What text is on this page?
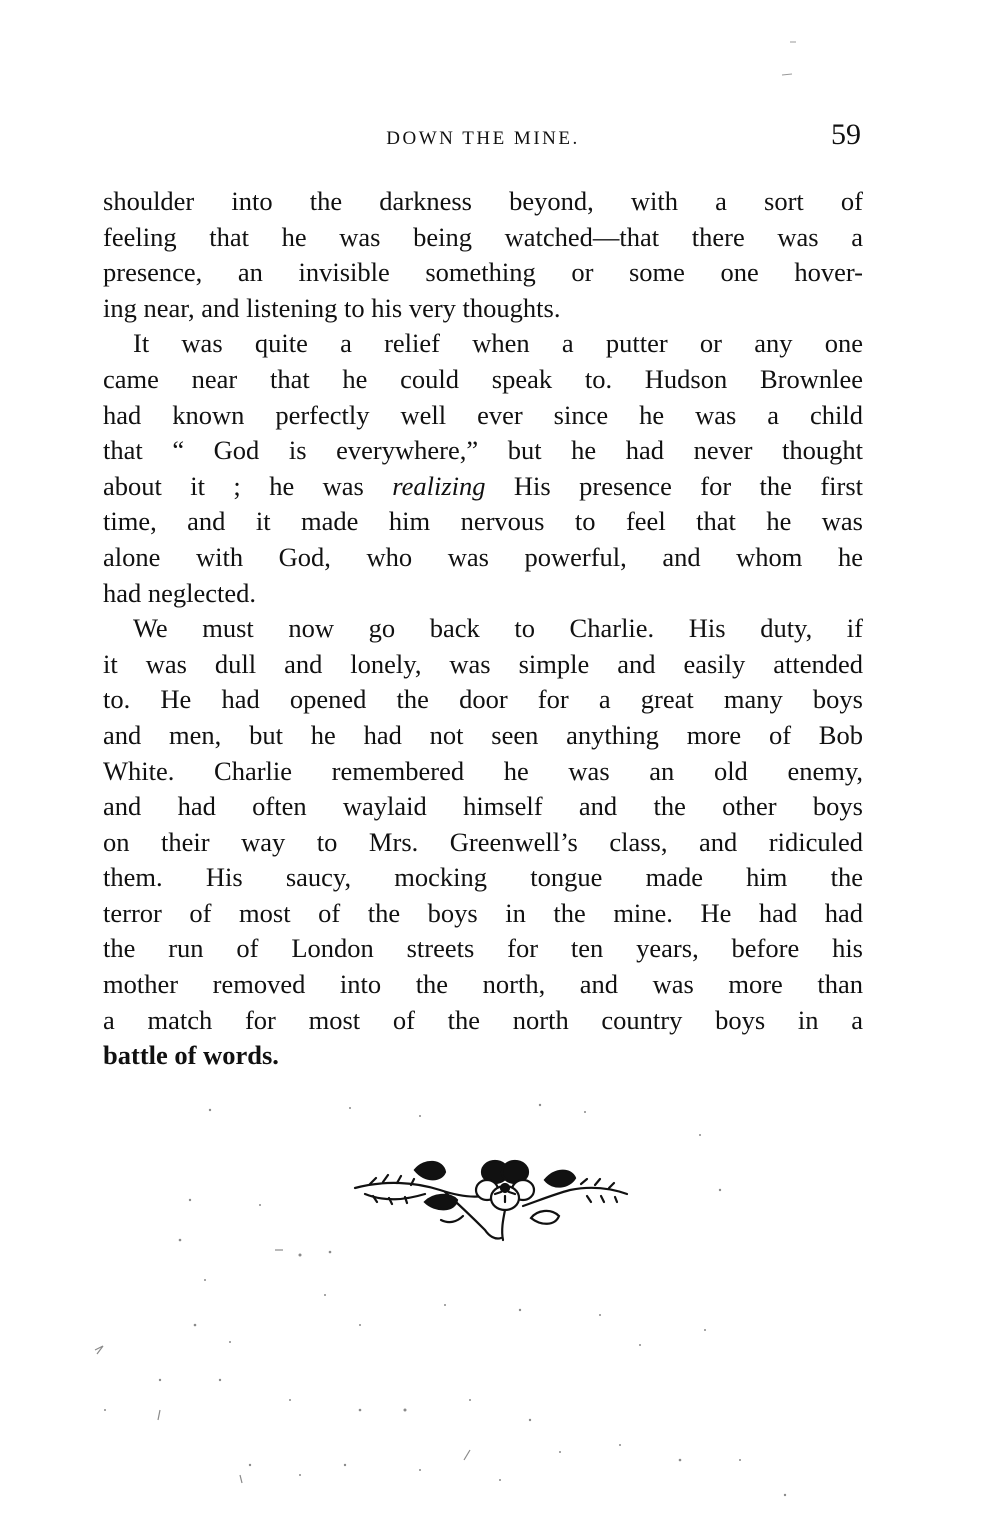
DOWN THE MINE.	59
shoulder into the darkness beyond, with a sort of
feeling that he was being watched—that there was a
presence, an invisible something or some one hover-
ing near, and listening to his very thoughts.
It was quite a relief when a putter or any one
came near that he could speak to. Hudson Brownlee
had known perfectly well ever since he was a child
that “ God is everywhere,” but he had never thought
about it ; he was realizing His presence for the first
time, and it made him nervous to feel that he was
alone with God, who was powerful, and whom he
had neglected.
We must now go back to Charlie. His duty, if
it was dull and lonely, was simple and easily attended
to. He had opened the door for a great many boys
and men, but he had not seen anything more of Bob
White. Charlie remembered he was an old enemy,
and had often waylaid himself and the other boys
on their way to Mrs. Greenwell’s class, and ridiculed
them. His saucy, mocking tongue made him the
terror of most of the boys in the mine. He had had
the run of London streets for ten years, before his
mother removed into the north, and was more than
a match for most of the north country boys in a
battle of words.
